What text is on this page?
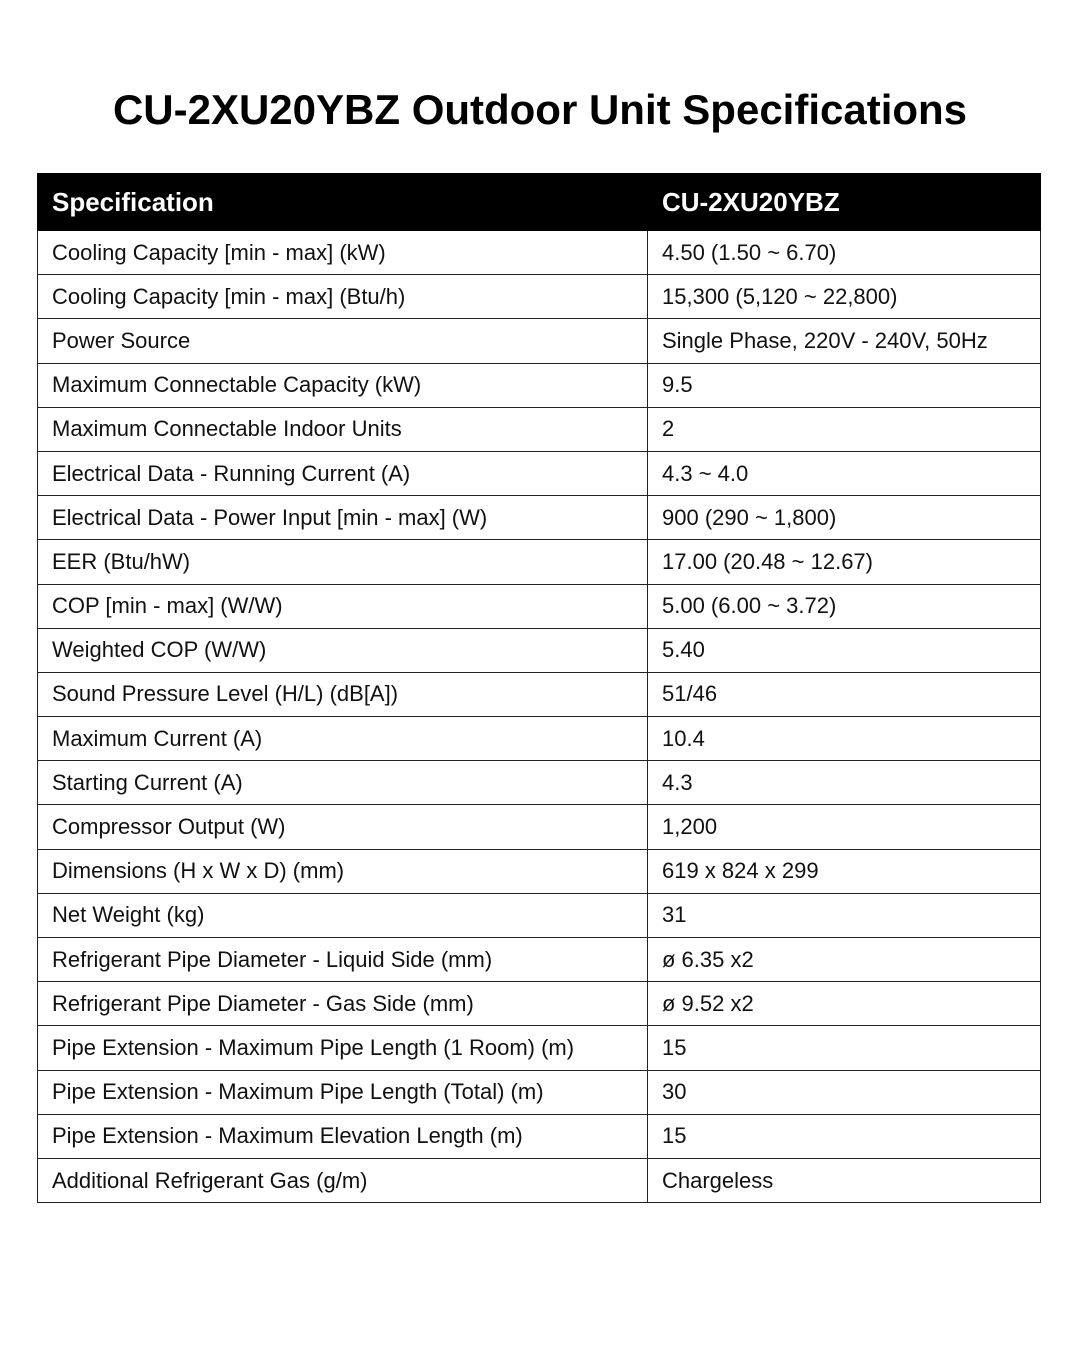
CU-2XU20YBZ Outdoor Unit Specifications
Specification	CU-2XU20YBZ
Cooling Capacity [min - max] (kW)	4.50 (1.50 ~ 6.70)
Cooling Capacity [min - max] (Btu/h)	15,300 (5,120 ~ 22,800)
Power Source	Single Phase, 220V - 240V, 50Hz
Maximum Connectable Capacity (kW)	9.5
Maximum Connectable Indoor Units	2
Electrical Data - Running Current (A)	4.3 ~ 4.0
Electrical Data - Power Input [min - max] (W)	900 (290 ~ 1,800)
EER (Btu/hW)	17.00 (20.48 ~ 12.67)
COP [min - max] (W/W)	5.00 (6.00 ~ 3.72)
Weighted COP (W/W)	5.40
Sound Pressure Level (H/L) (dB[A])	51/46
Maximum Current (A)	10.4
Starting Current (A)	4.3
Compressor Output (W)	1,200
Dimensions (H x W x D) (mm)	619 x 824 x 299
Net Weight (kg)	31
Refrigerant Pipe Diameter - Liquid Side (mm)	ø 6.35 x2
Refrigerant Pipe Diameter - Gas Side (mm)	ø 9.52 x2
Pipe Extension - Maximum Pipe Length (1 Room) (m)	15
Pipe Extension - Maximum Pipe Length (Total) (m)	30
Pipe Extension - Maximum Elevation Length (m)	15
Additional Refrigerant Gas (g/m)	Chargeless
